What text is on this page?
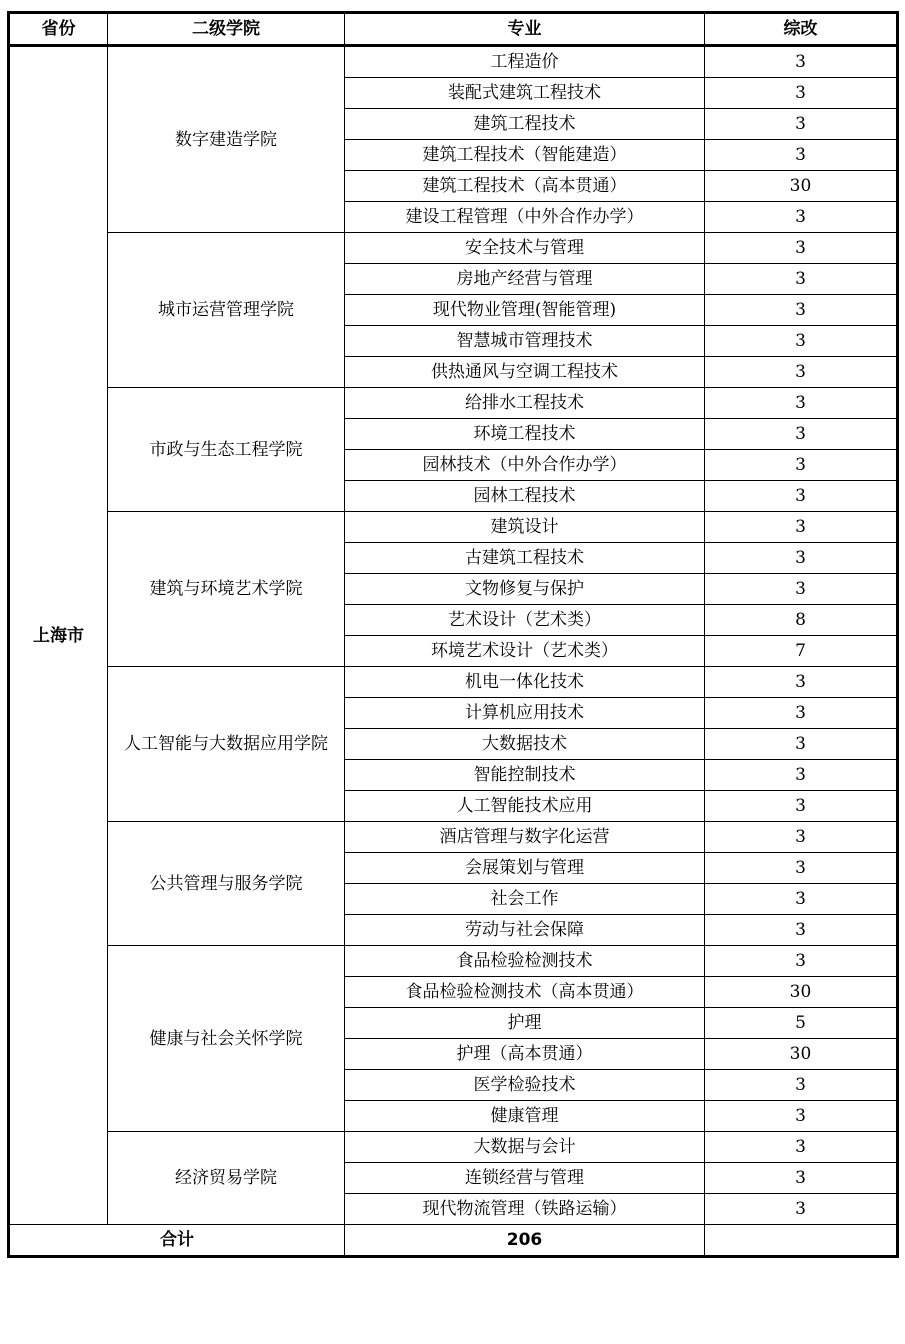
省份	二级学院	专业	综改
上海市	数字建造学院	工程造价	3
		装配式建筑工程技术	3
		建筑工程技术	3
		建筑工程技术（智能建造）	3
		建筑工程技术（高本贯通）	30
		建设工程管理（中外合作办学）	3
	城市运营管理学院	安全技术与管理	3
		房地产经营与管理	3
		现代物业管理(智能管理)	3
		智慧城市管理技术	3
		供热通风与空调工程技术	3
	市政与生态工程学院	给排水工程技术	3
		环境工程技术	3
		园林技术（中外合作办学）	3
		园林工程技术	3
	建筑与环境艺术学院	建筑设计	3
		古建筑工程技术	3
		文物修复与保护	3
		艺术设计（艺术类）	8
		环境艺术设计（艺术类）	7
	人工智能与大数据应用学院	机电一体化技术	3
		计算机应用技术	3
		大数据技术	3
		智能控制技术	3
		人工智能技术应用	3
	公共管理与服务学院	酒店管理与数字化运营	3
		会展策划与管理	3
		社会工作	3
		劳动与社会保障	3
	健康与社会关怀学院	食品检验检测技术	3
		食品检验检测技术（高本贯通）	30
		护理	5
		护理（高本贯通）	30
		医学检验技术	3
		健康管理	3
	经济贸易学院	大数据与会计	3
		连锁经营与管理	3
		现代物流管理（铁路运输）	3
合计		206	
